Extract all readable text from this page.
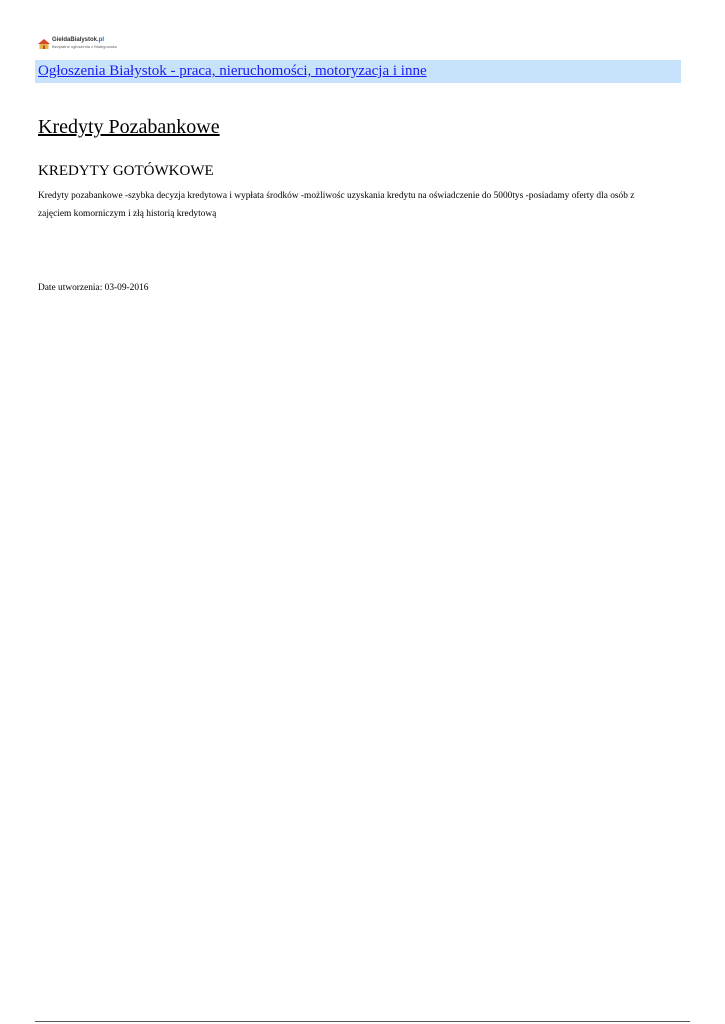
GieldaBialystok.pl
Bezpłatne ogłoszenia z Białegostoku
Ogłoszenia Białystok - praca, nieruchomości, motoryzacja i inne
Kredyty Pozabankowe
KREDYTY GOTÓWKOWE

Kredyty pozabankowe -szybka decyzja kredytowa i wypłata środków -możliwośc uzyskania kredytu na oświadczenie do 5000tys -posiadamy oferty dla osób z zajęciem komorniczym i złą historią kredytową

Date utworzenia: 03-09-2016
